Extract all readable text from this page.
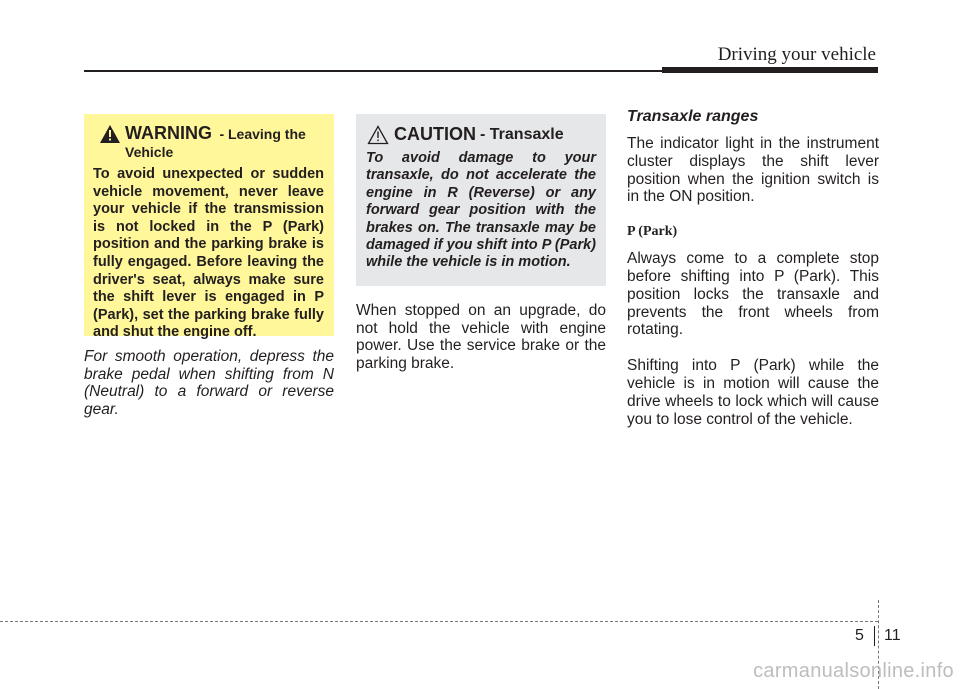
Driving your vehicle
WARNING - Leaving the Vehicle
To avoid unexpected or sudden vehicle movement, never leave your vehicle if the transmission is not locked in the P (Park) position and the parking brake is fully engaged. Before leaving the driver's seat, always make sure the shift lever is engaged in P (Park), set the parking brake fully and shut the engine off.
For smooth operation, depress the brake pedal when shifting from N (Neutral) to a forward or reverse gear.
CAUTION - Transaxle
To avoid damage to your transaxle, do not accelerate the engine in R (Reverse) or any forward gear position with the brakes on. The transaxle may be damaged if you shift into P (Park) while the vehicle is in motion.
When stopped on an upgrade, do not hold the vehicle with engine power. Use the service brake or the parking brake.
Transaxle ranges

The indicator light in the instrument cluster displays the shift lever position when the ignition switch is in the ON position.

P (Park)

Always come to a complete stop before shifting into P (Park). This position locks the transaxle and prevents the front wheels from rotating.

Shifting into P (Park) while the vehicle is in motion will cause the drive wheels to lock which will cause you to lose control of the vehicle.

5 11
carmanualsonline.info
